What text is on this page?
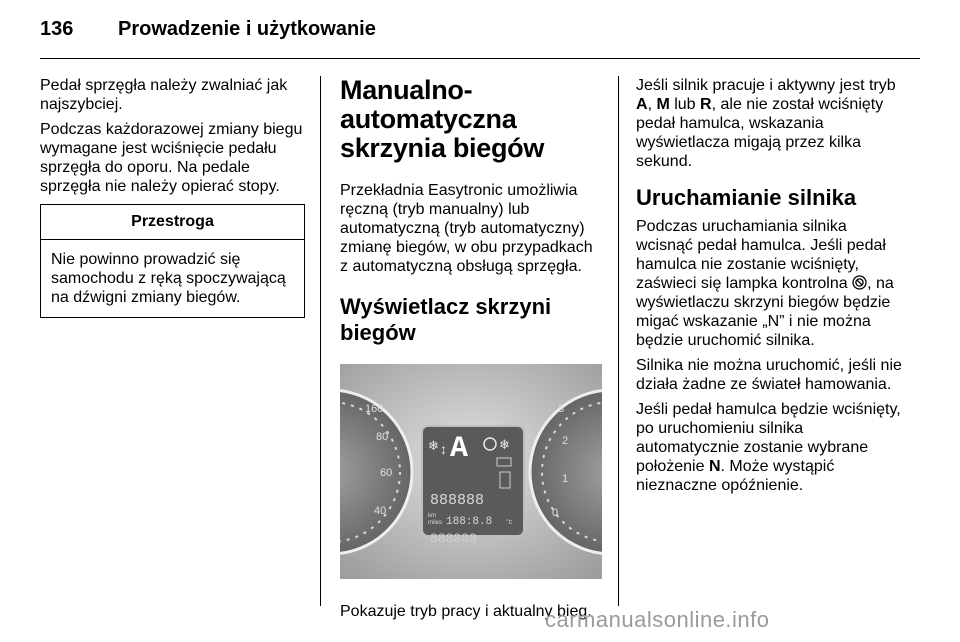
136 Prowadzenie i użytkowanie

Pedał sprzęgła należy zwalniać jak najszybciej.

Podczas każdorazowej zmiany biegu wymagane jest wciśnięcie pedału sprzęgła do oporu. Na pedale sprzęgła nie należy opierać stopy.

Przestroga
Nie powinno prowadzić się samochodu z ręką spoczywającą na dźwigni zmiany biegów.
Manualno-automatyczna skrzynia biegów

Przekładnia Easytronic umożliwia ręczną (tryb manualny) lub automatyczną (tryb automatyczny) zmianę biegów, w obu przypadkach z automatyczną obsługą sprzęgła.

Wyświetlacz skrzyni biegów
160
80
60
40
3
2
1
0
❄ ↕ A ❄
888888
km
miles 188:8.8 °c
888888

Pokazuje tryb pracy i aktualny bieg.

Jeśli silnik pracuje i aktywny jest tryb A, M lub R, ale nie został wciśnięty pedał hamulca, wskazania wyświetlacza migają przez kilka sekund.

Uruchamianie silnika

Podczas uruchamiania silnika wcisnąć pedał hamulca. Jeśli pedał hamulca nie zostanie wciśnięty, zaświeci się lampka kontrolna , na wyświetlaczu skrzyni biegów będzie migać wskazanie „N” i nie można będzie uruchomić silnika.

Silnika nie można uruchomić, jeśli nie działa żadne ze świateł hamowania.

Jeśli pedał hamulca będzie wciśnięty, po uruchomieniu silnika automatycznie zostanie wybrane położenie N. Może wystąpić nieznaczne opóźnienie.

carmanualsonline.info
